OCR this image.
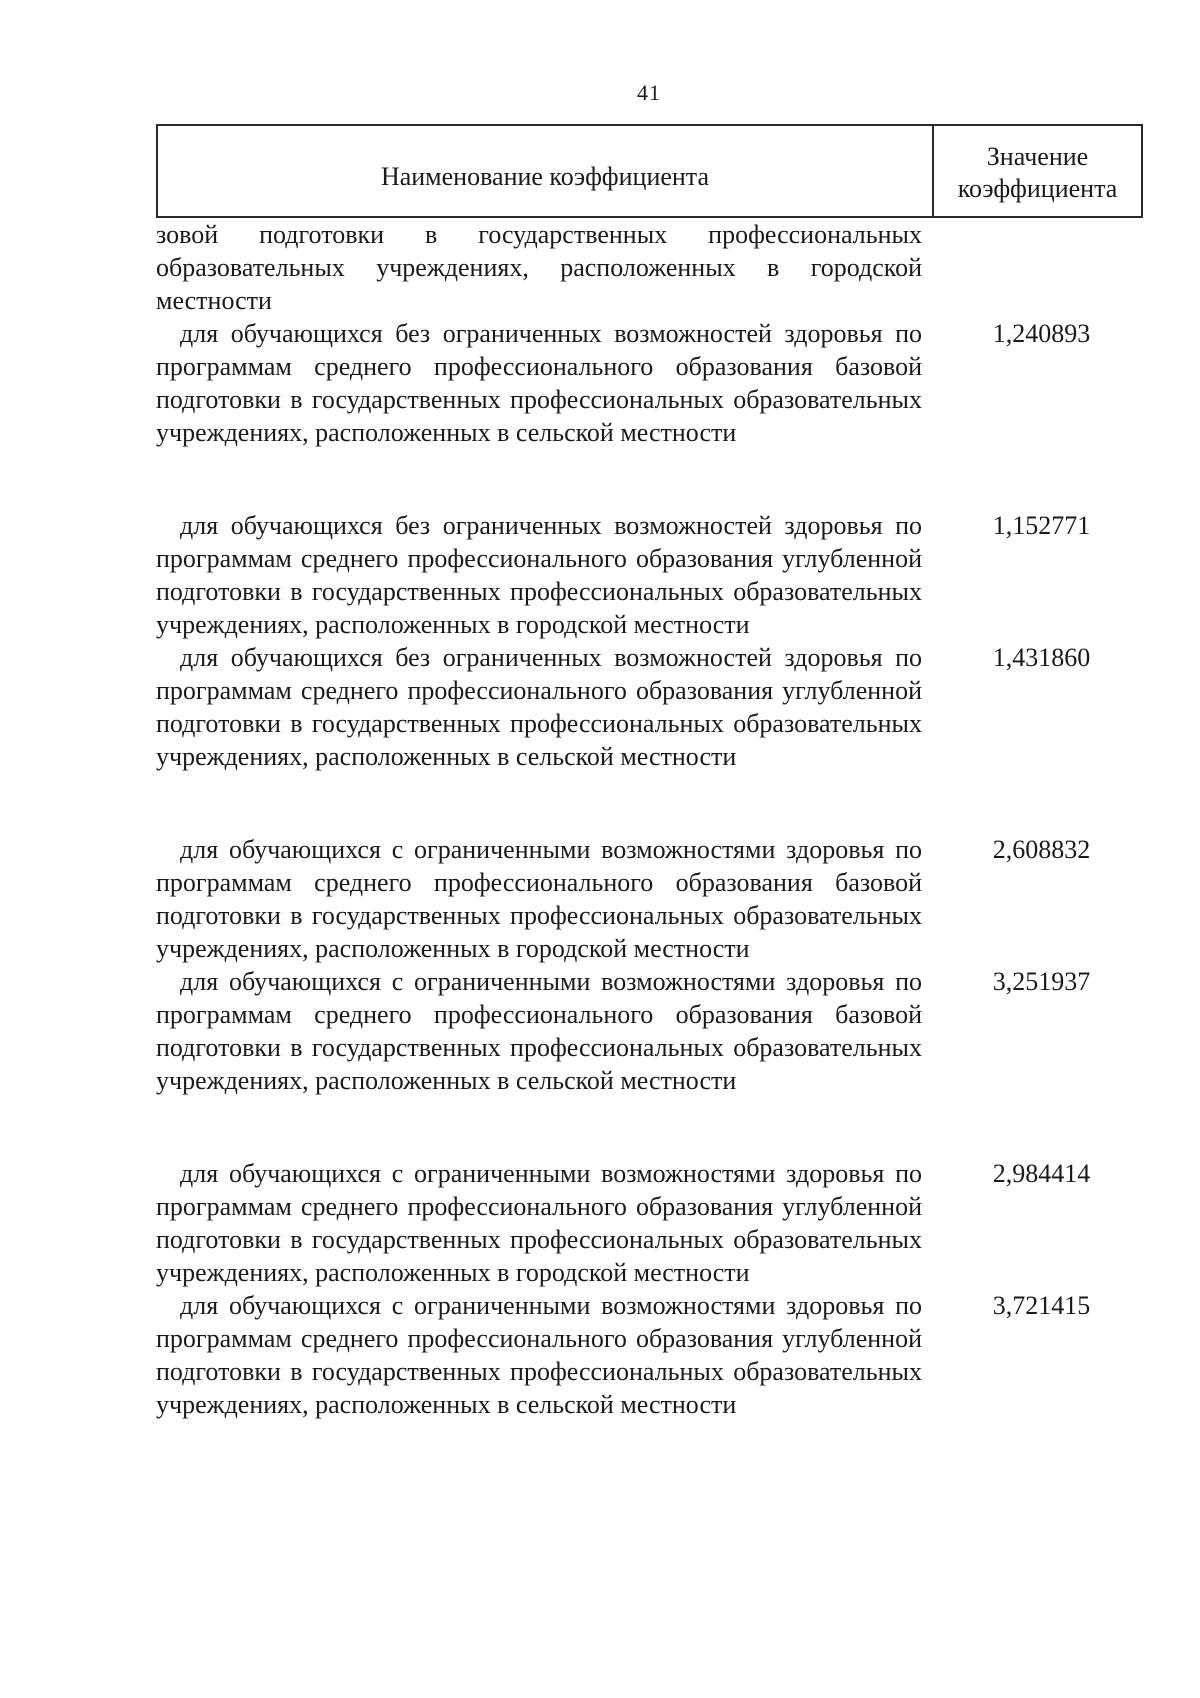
41
Наименование коэффициента
Значение коэффициента
зовой подготовки в государственных профессиональных образовательных учреждениях, расположенных в городской местности
для обучающихся без ограниченных возможностей здоровья по программам среднего профессионального образования базовой подготовки в государственных профессиональных образовательных учреждениях, расположенных в сельской местности
1,240893
для обучающихся без ограниченных возможностей здоровья по программам среднего профессионального образования углубленной подготовки в государственных профессиональных образовательных учреждениях, расположенных в городской местности
1,152771
для обучающихся без ограниченных возможностей здоровья по программам среднего профессионального образования углубленной подготовки в государственных профессиональных образовательных учреждениях, расположенных в сельской местности
1,431860
для обучающихся с ограниченными возможностями здоровья по программам среднего профессионального образования базовой подготовки в государственных профессиональных образовательных учреждениях, расположенных в городской местности
2,608832
для обучающихся с ограниченными возможностями здоровья по программам среднего профессионального образования базовой подготовки в государственных профессиональных образовательных учреждениях, расположенных в сельской местности
3,251937
для обучающихся с ограниченными возможностями здоровья по программам среднего профессионального образования углубленной подготовки в государственных профессиональных образовательных учреждениях, расположенных в городской местности
2,984414
для обучающихся с ограниченными возможностями здоровья по программам среднего профессионального образования углубленной подготовки в государственных профессиональных образовательных учреждениях, расположенных в сельской местности
3,721415
